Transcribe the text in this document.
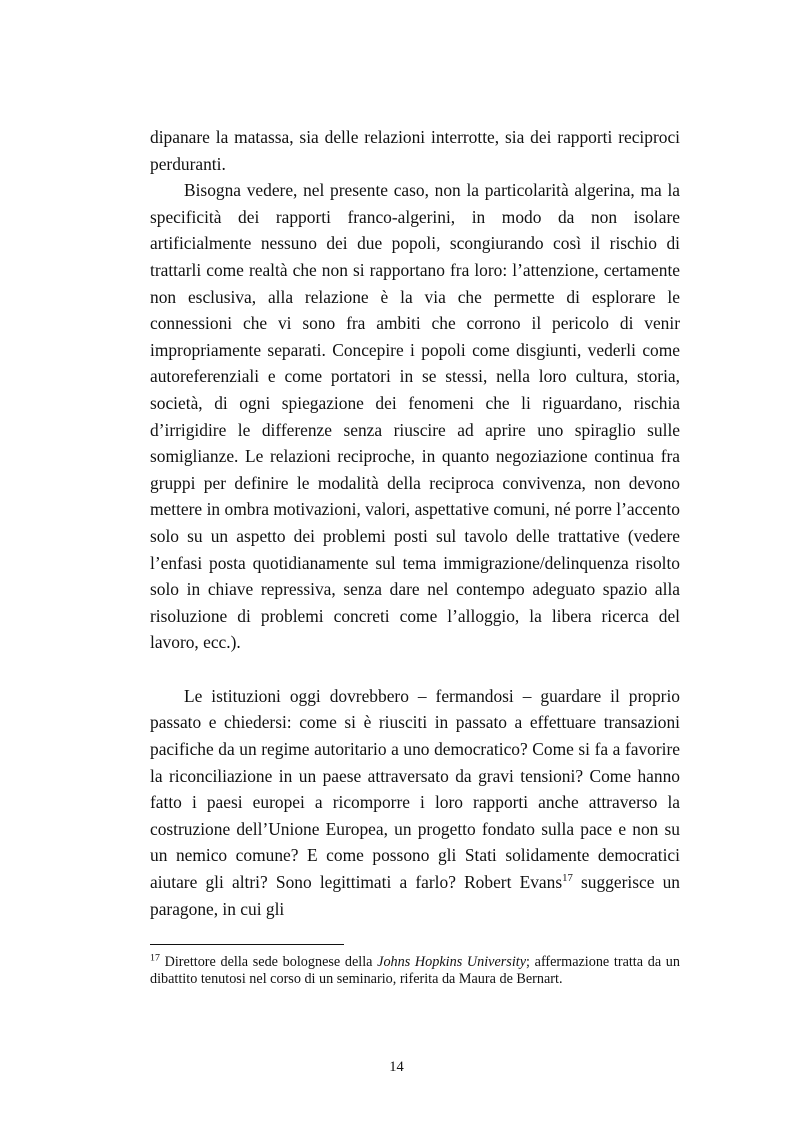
dipanare la matassa, sia delle relazioni interrotte, sia dei rapporti reciproci perduranti.

Bisogna vedere, nel presente caso, non la particolarità algerina, ma la specificità dei rapporti franco-algerini, in modo da non isolare artificialmente nessuno dei due popoli, scongiurando così il rischio di trattarli come realtà che non si rapportano fra loro: l’attenzione, certamente non esclusiva, alla relazione è la via che permette di esplorare le connessioni che vi sono fra ambiti che corrono il pericolo di venir impropriamente separati. Concepire i popoli come disgiunti, vederli come autoreferenziali e come portatori in se stessi, nella loro cultura, storia, società, di ogni spiegazione dei fenomeni che li riguardano, rischia d’irrigidire le differenze senza riuscire ad aprire uno spiraglio sulle somiglianze. Le relazioni reciproche, in quanto negoziazione continua fra gruppi per definire le modalità della reciproca convivenza, non devono mettere in ombra motivazioni, valori, aspettative comuni, né porre l’accento solo su un aspetto dei problemi posti sul tavolo delle trattative (vedere l’enfasi posta quotidianamente sul tema immigrazione/delinquenza risolto solo in chiave repressiva, senza dare nel contempo adeguato spazio alla risoluzione di problemi concreti come l’alloggio, la libera ricerca del lavoro, ecc.).

Le istituzioni oggi dovrebbero – fermandosi – guardare il proprio passato e chiedersi: come si è riusciti in passato a effettuare transazioni pacifiche da un regime autoritario a uno democratico? Come si fa a favorire la riconciliazione in un paese attraversato da gravi tensioni? Come hanno fatto i paesi europei a ricomporre i loro rapporti anche attraverso la costruzione dell’Unione Europea, un progetto fondato sulla pace e non su un nemico comune? E come possono gli Stati solidamente democratici aiutare gli altri? Sono legittimati a farlo? Robert Evans$^{17}$ suggerisce un paragone, in cui gli

$^{17}$ Direttore della sede bolognese della Johns Hopkins University; affermazione tratta da un dibattito tenutosi nel corso di un seminario, riferita da Maura de Bernart.

14
